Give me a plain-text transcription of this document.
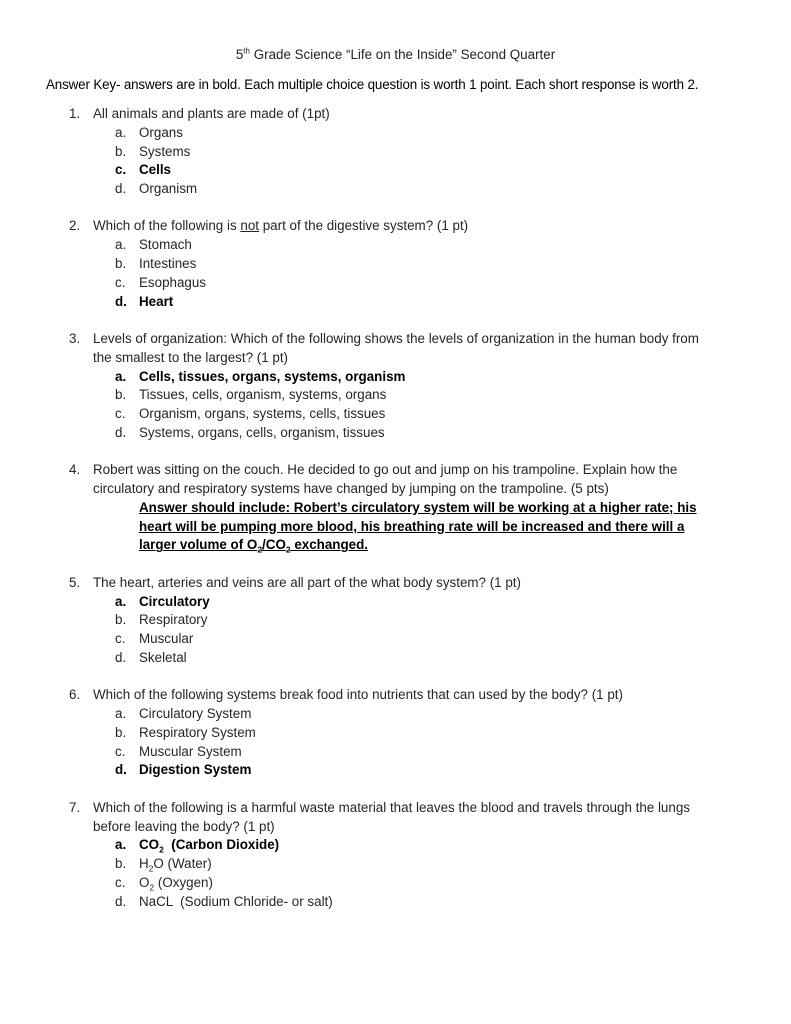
5th Grade Science “Life on the Inside” Second Quarter
Answer Key- answers are in bold. Each multiple choice question is worth 1 point. Each short response is worth 2.
1. All animals and plants are made of (1pt)
a. Organs
b. Systems
c. Cells
d. Organism
2. Which of the following is not part of the digestive system? (1 pt)
a. Stomach
b. Intestines
c. Esophagus
d. Heart
3. Levels of organization: Which of the following shows the levels of organization in the human body from the smallest to the largest? (1 pt)
a. Cells, tissues, organs, systems, organism
b. Tissues, cells, organism, systems, organs
c. Organism, organs, systems, cells, tissues
d. Systems, organs, cells, organism, tissues
4. Robert was sitting on the couch. He decided to go out and jump on his trampoline. Explain how the circulatory and respiratory systems have changed by jumping on the trampoline. (5 pts)
Answer should include: Robert’s circulatory system will be working at a higher rate; his heart will be pumping more blood, his breathing rate will be increased and there will a larger volume of $O_2/CO_2$ exchanged.
5. The heart, arteries and veins are all part of the what body system? (1 pt)
a. Circulatory
b. Respiratory
c. Muscular
d. Skeletal
6. Which of the following systems break food into nutrients that can used by the body? (1 pt)
a. Circulatory System
b. Respiratory System
c. Muscular System
d. Digestion System
7. Which of the following is a harmful waste material that leaves the blood and travels through the lungs before leaving the body? (1 pt)
a. $CO_2$  (Carbon Dioxide)
b. $H_2O$ (Water)
c. $O_2$ (Oxygen)
d. NaCL  (Sodium Chloride- or salt)
